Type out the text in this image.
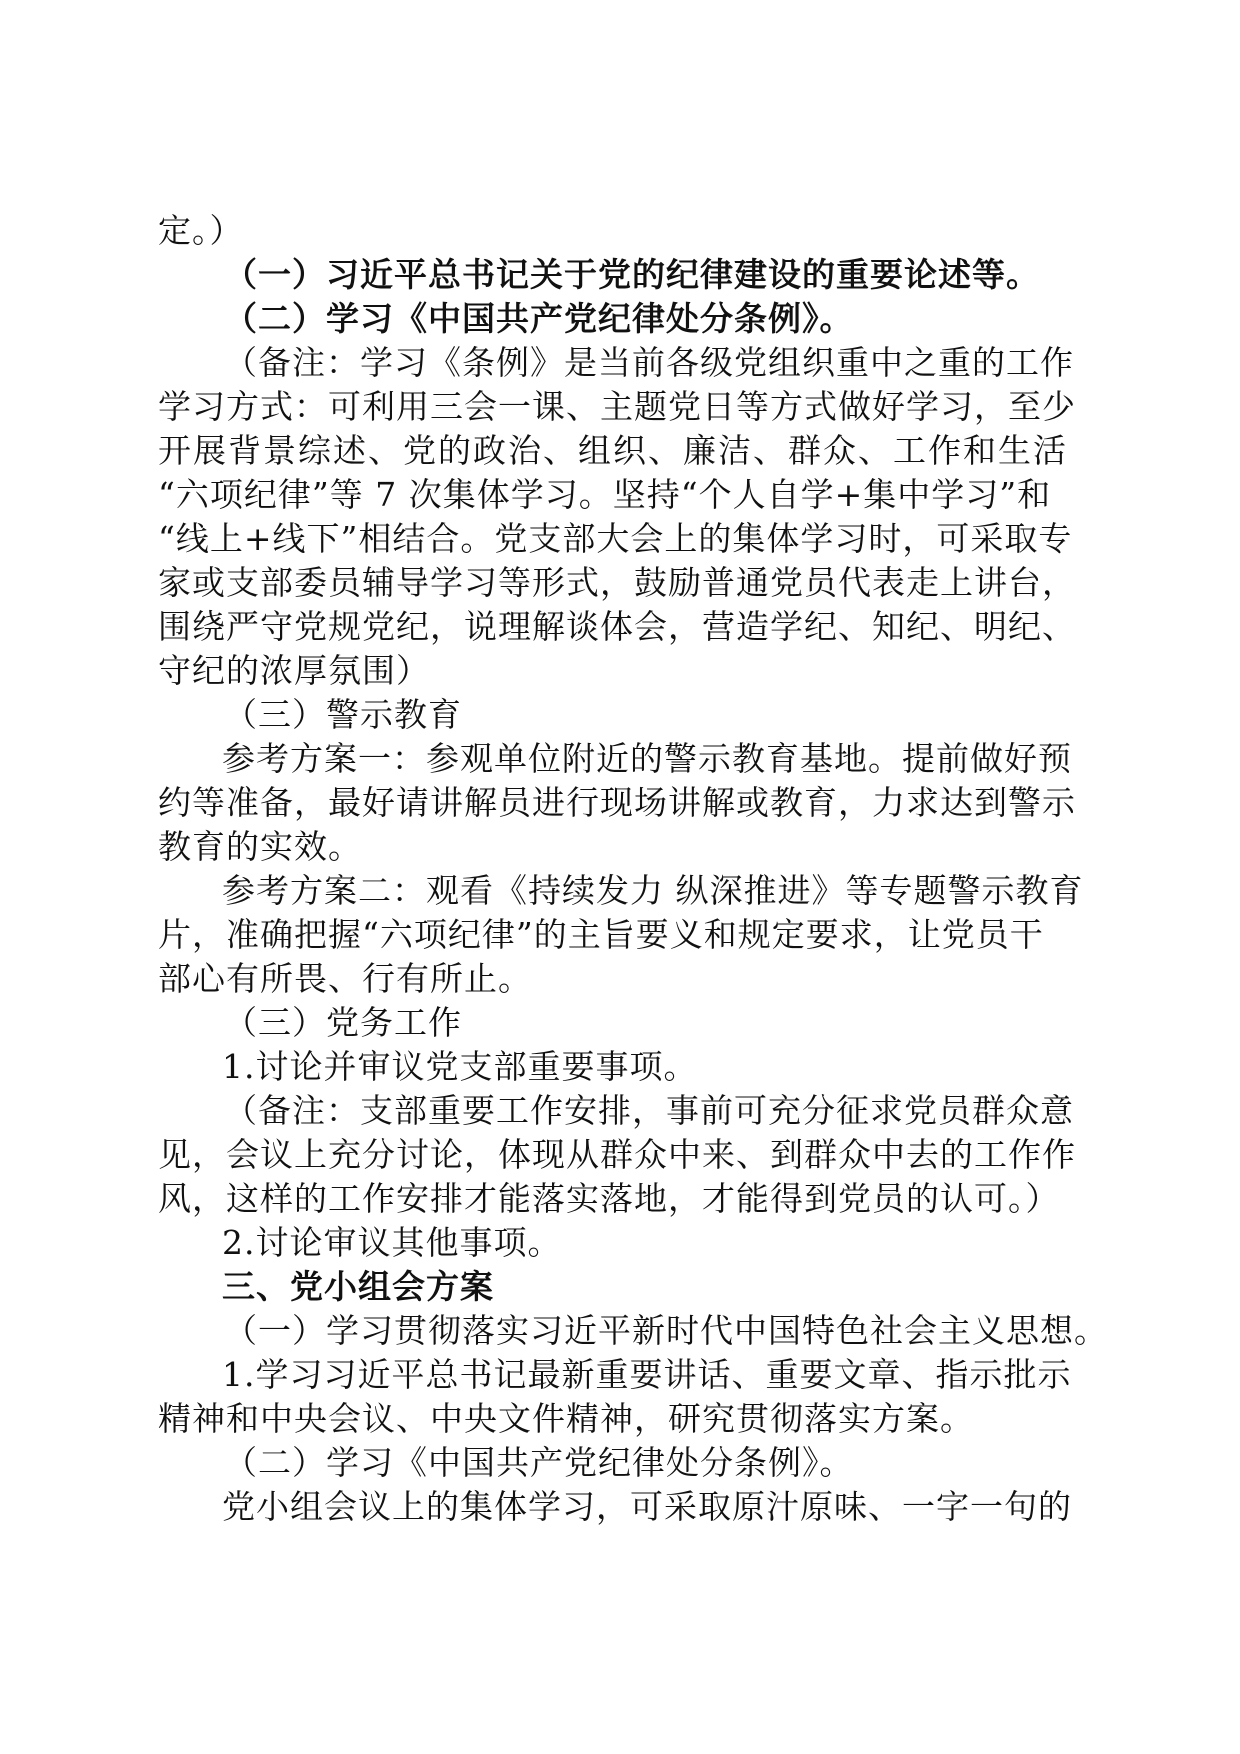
定。）
（一）习近平总书记关于党的纪律建设的重要论述等。
（二）学习《中国共产党纪律处分条例》。
（备注：学习《条例》是当前各级党组织重中之重的工作
学习方式：可利用三会一课、主题党日等方式做好学习，至少
开展背景综述、党的政治、组织、廉洁、群众、工作和生活
“六项纪律”等 7 次集体学习。坚持“个人自学+集中学习”和
“线上+线下”相结合。党支部大会上的集体学习时，可采取专
家或支部委员辅导学习等形式，鼓励普通党员代表走上讲台，
围绕严守党规党纪，说理解谈体会，营造学纪、知纪、明纪、
守纪的浓厚氛围）
（三）警示教育
参考方案一：参观单位附近的警示教育基地。提前做好预
约等准备，最好请讲解员进行现场讲解或教育，力求达到警示
教育的实效。
参考方案二：观看《持续发力 纵深推进》等专题警示教育
片，准确把握“六项纪律”的主旨要义和规定要求，让党员干
部心有所畏、行有所止。
（三）党务工作
1.讨论并审议党支部重要事项。
（备注：支部重要工作安排，事前可充分征求党员群众意
见，会议上充分讨论，体现从群众中来、到群众中去的工作作
风，这样的工作安排才能落实落地，才能得到党员的认可。）
2.讨论审议其他事项。
三、党小组会方案
（一）学习贯彻落实习近平新时代中国特色社会主义思想。
1.学习习近平总书记最新重要讲话、重要文章、指示批示
精神和中央会议、中央文件精神，研究贯彻落实方案。
（二）学习《中国共产党纪律处分条例》。
党小组会议上的集体学习，可采取原汁原味、一字一句的
